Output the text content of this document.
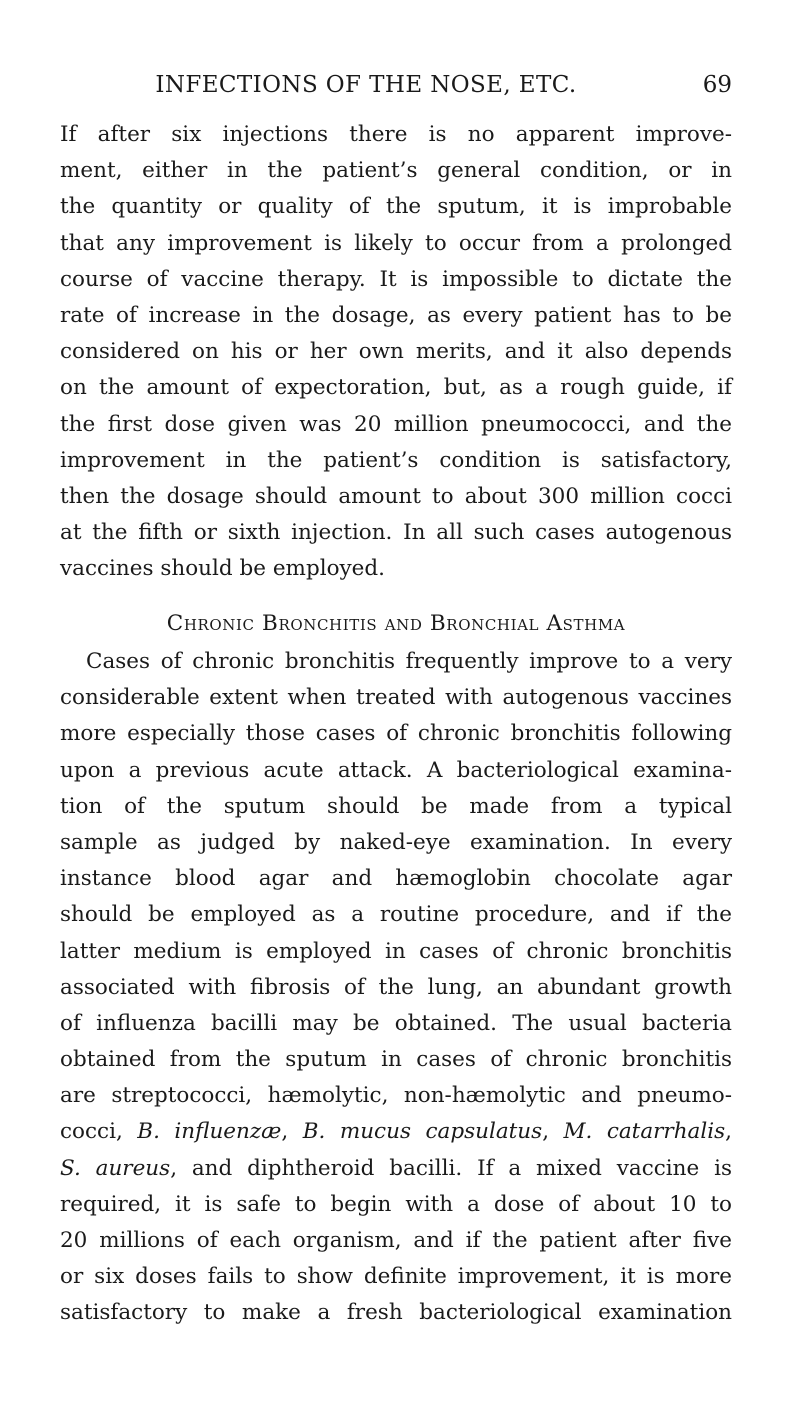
INFECTIONS OF THE NOSE, ETC.	69
If after six injections there is no apparent improve-
ment, either in the patient’s general condition, or in
the quantity or quality of the sputum, it is improbable
that any improvement is likely to occur from a prolonged
course of vaccine therapy. It is impossible to dictate the
rate of increase in the dosage, as every patient has to be
considered on his or her own merits, and it also depends
on the amount of expectoration, but, as a rough guide, if
the first dose given was 20 million pneumococci, and the
improvement in the patient’s condition is satisfactory,
then the dosage should amount to about 300 million cocci
at the fifth or sixth injection. In all such cases autogenous
vaccines should be employed.
Chronic Bronchitis and Bronchial Asthma
Cases of chronic bronchitis frequently improve to a very
considerable extent when treated with autogenous vaccines
more especially those cases of chronic bronchitis following
upon a previous acute attack. A bacteriological examina-
tion of the sputum should be made from a typical
sample as judged by naked-eye examination. In every
instance blood agar and hæmoglobin chocolate agar
should be employed as a routine procedure, and if the
latter medium is employed in cases of chronic bronchitis
associated with fibrosis of the lung, an abundant growth
of influenza bacilli may be obtained. The usual bacteria
obtained from the sputum in cases of chronic bronchitis
are streptococci, hæmolytic, non-hæmolytic and pneumo-
cocci, B. influenzæ, B. mucus capsulatus, M. catarrhalis,
S. aureus, and diphtheroid bacilli. If a mixed vaccine is
required, it is safe to begin with a dose of about 10 to
20 millions of each organism, and if the patient after five
or six doses fails to show definite improvement, it is more
satisfactory to make a fresh bacteriological examination
